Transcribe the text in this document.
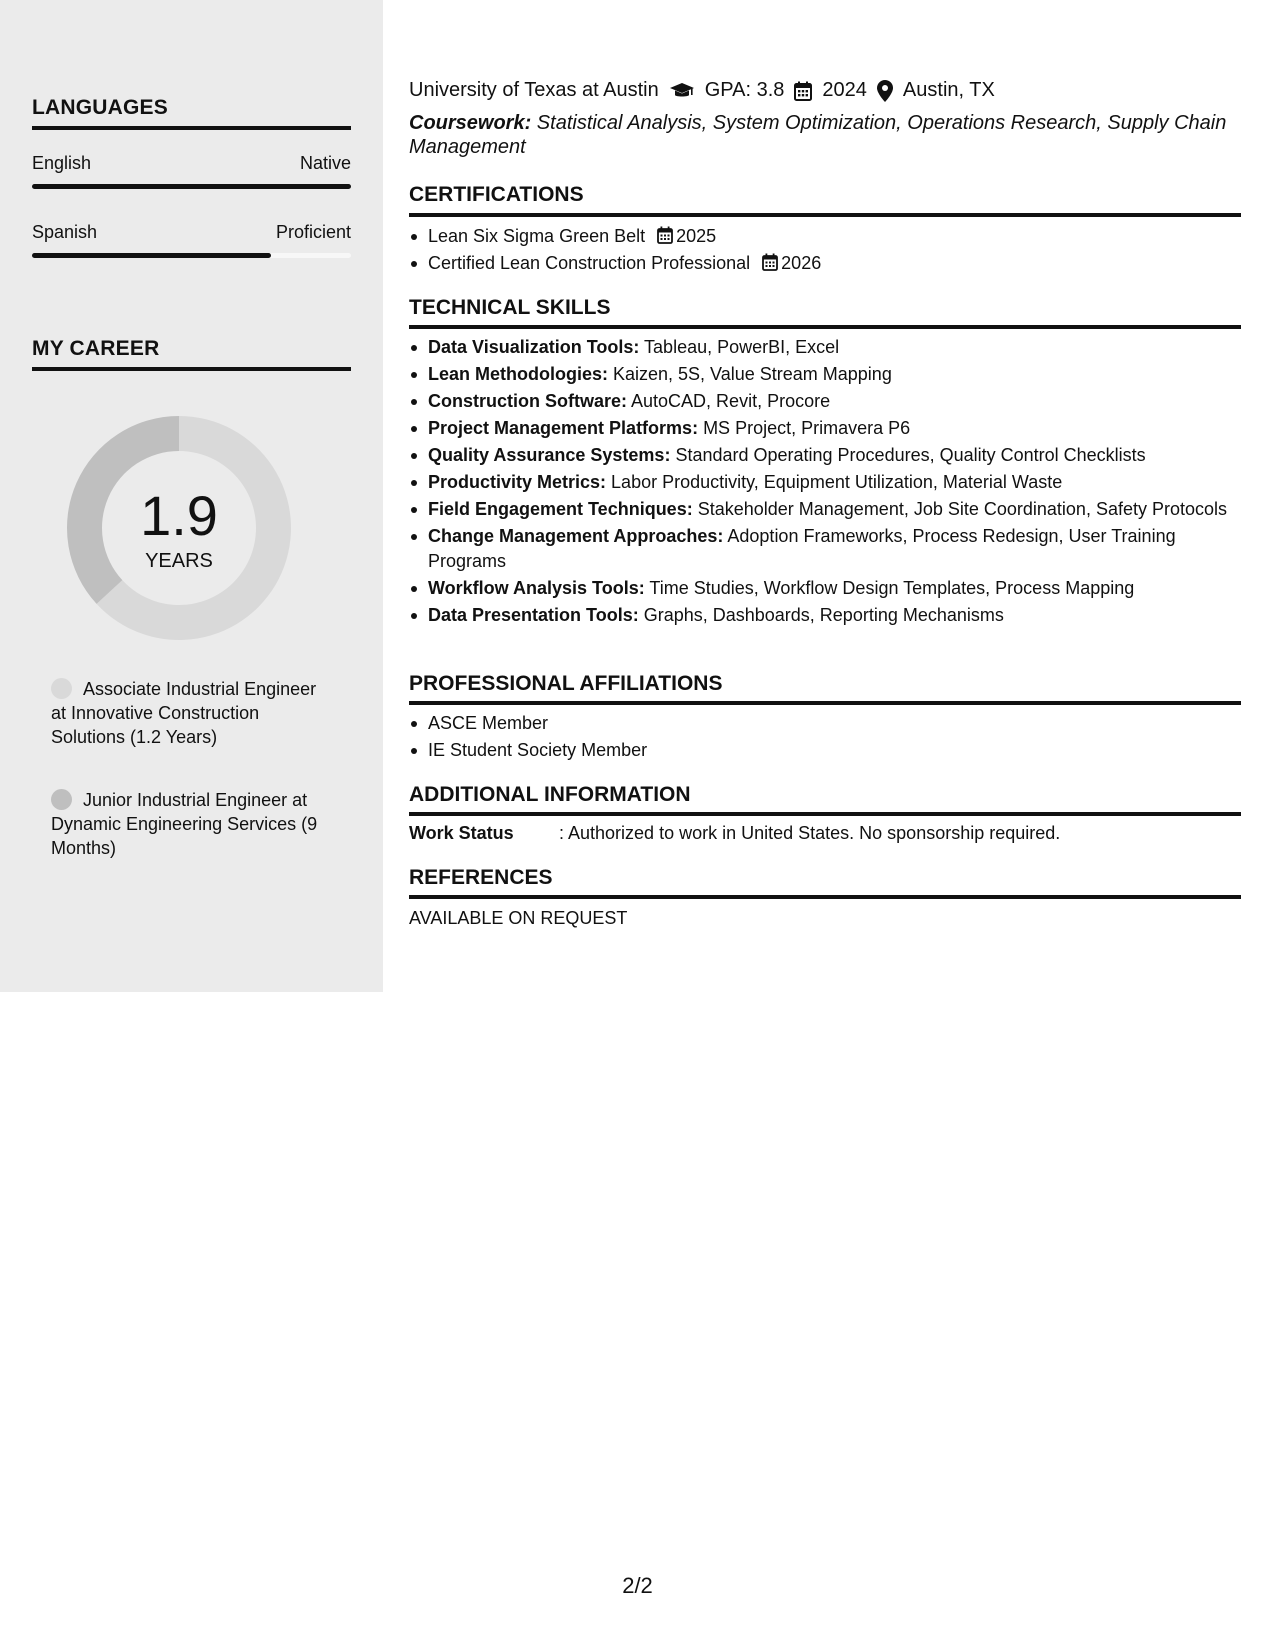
LANGUAGES
English	Native
Spanish	Proficient
MY CAREER
1.9
YEARS
Associate Industrial Engineer at Innovative Construction Solutions (1.2 Years)
Junior Industrial Engineer at Dynamic Engineering Services (9 Months)
University of Texas at Austin GPA: 3.8 2024 Austin, TX
Coursework: Statistical Analysis, System Optimization, Operations Research, Supply Chain Management
CERTIFICATIONS
Lean Six Sigma Green Belt 2025
Certified Lean Construction Professional 2026
TECHNICAL SKILLS
Data Visualization Tools: Tableau, PowerBI, Excel
Lean Methodologies: Kaizen, 5S, Value Stream Mapping
Construction Software: AutoCAD, Revit, Procore
Project Management Platforms: MS Project, Primavera P6
Quality Assurance Systems: Standard Operating Procedures, Quality Control Checklists
Productivity Metrics: Labor Productivity, Equipment Utilization, Material Waste
Field Engagement Techniques: Stakeholder Management, Job Site Coordination, Safety Protocols
Change Management Approaches: Adoption Frameworks, Process Redesign, User Training Programs
Workflow Analysis Tools: Time Studies, Workflow Design Templates, Process Mapping
Data Presentation Tools: Graphs, Dashboards, Reporting Mechanisms
PROFESSIONAL AFFILIATIONS
ASCE Member
IE Student Society Member
ADDITIONAL INFORMATION
Work Status	: Authorized to work in United States. No sponsorship required.
REFERENCES
AVAILABLE ON REQUEST
2/2
